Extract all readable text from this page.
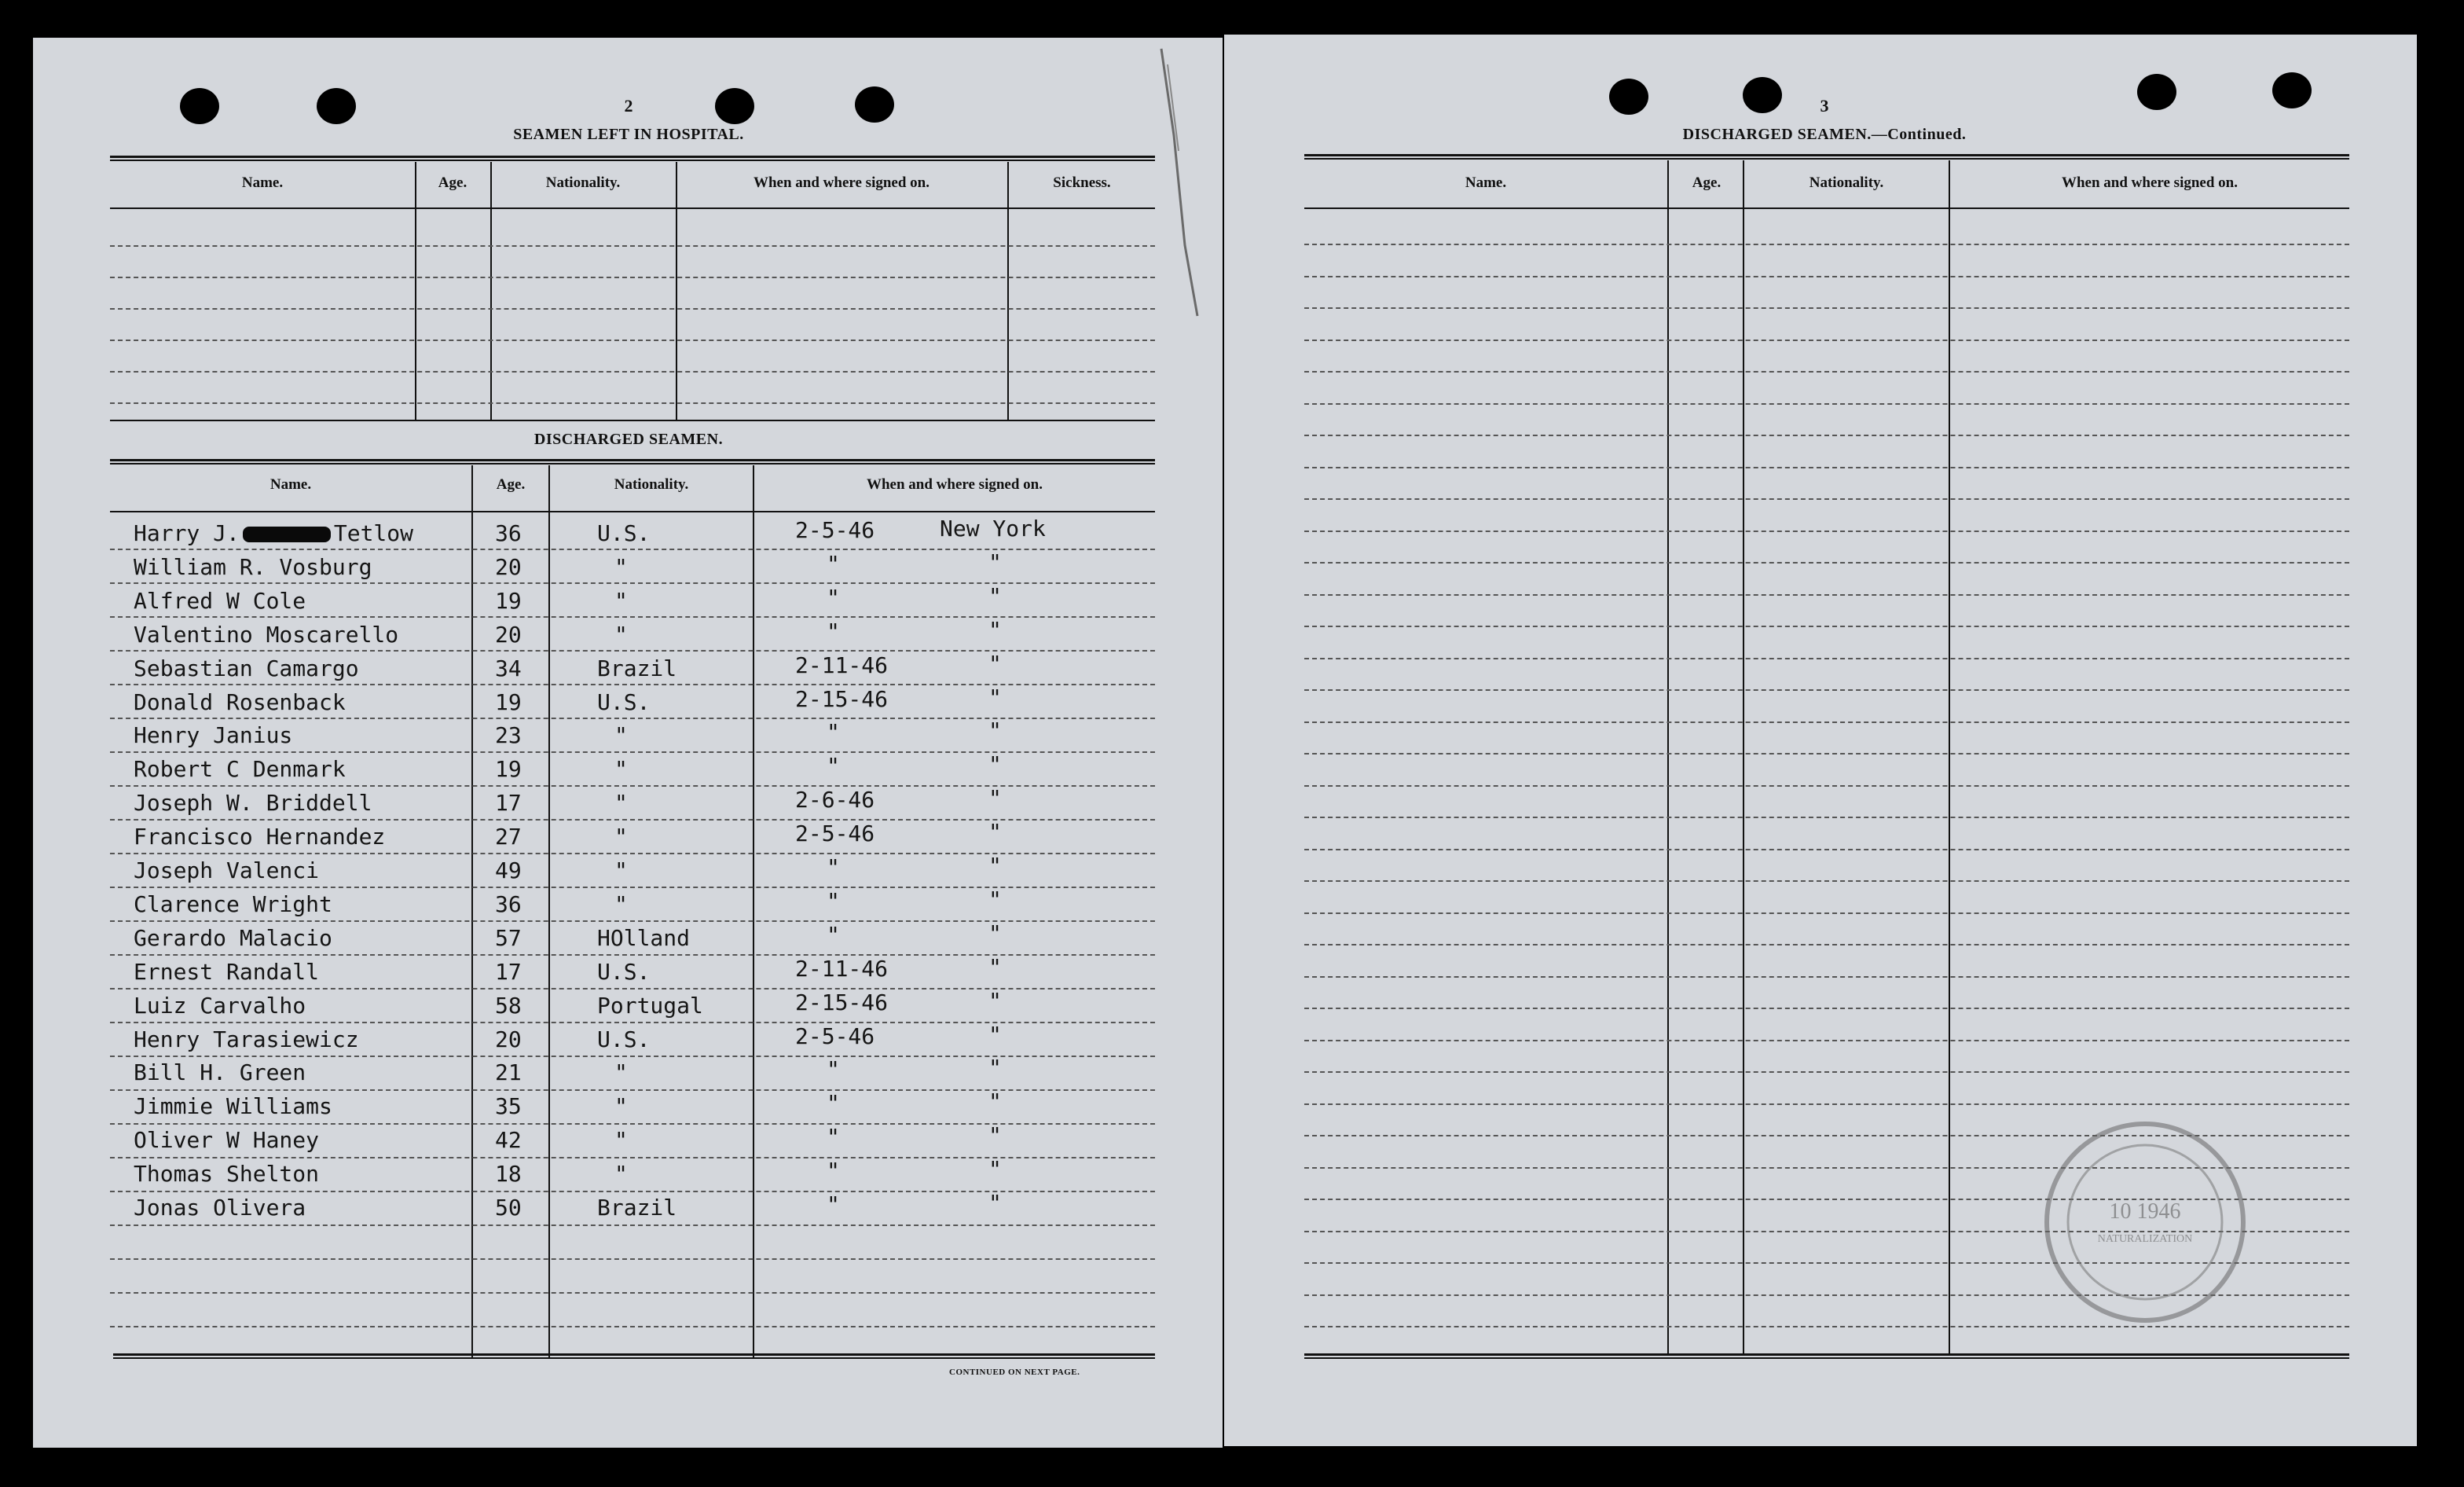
2
SEAMEN LEFT IN HOSPITAL.
Name.	Age.	Nationality.	When and where signed on.	Sickness.
DISCHARGED SEAMEN.
Name.	Age.	Nationality.	When and where signed on.
Harry J.	Tetlow	36	U.S.	2-5-46	New York
William R. Vosburg	20	"	"	"
Alfred W Cole	19	"	"	"
Valentino Moscarello	20	"	"	"
Sebastian Camargo	34	Brazil	2-11-46	"
Donald Rosenback	19	U.S.	2-15-46	"
Henry Janius	23	"	"	"
Robert C Denmark	19	"	"	"
Joseph W. Briddell	17	"	2-6-46	"
Francisco Hernandez	27	"	2-5-46	"
Joseph Valenci	49	"	"	"
Clarence Wright	36	"	"	"
Gerardo Malacio	57	HOlland	"	"
Ernest Randall	17	U.S.	2-11-46	"
Luiz Carvalho	58	Portugal	2-15-46	"
Henry Tarasiewicz	20	U.S.	2-5-46	"
Bill H. Green	21	"	"	"
Jimmie Williams	35	"	"	"
Oliver W Haney	42	"	"	"
Thomas Shelton	18	"	"	"
Jonas Olivera	50	Brazil	"	"
CONTINUED ON NEXT PAGE.
3
DISCHARGED SEAMEN.—Continued.
Name.	Age.	Nationality.	When and where signed on.
10 1946
NATURALIZATION
